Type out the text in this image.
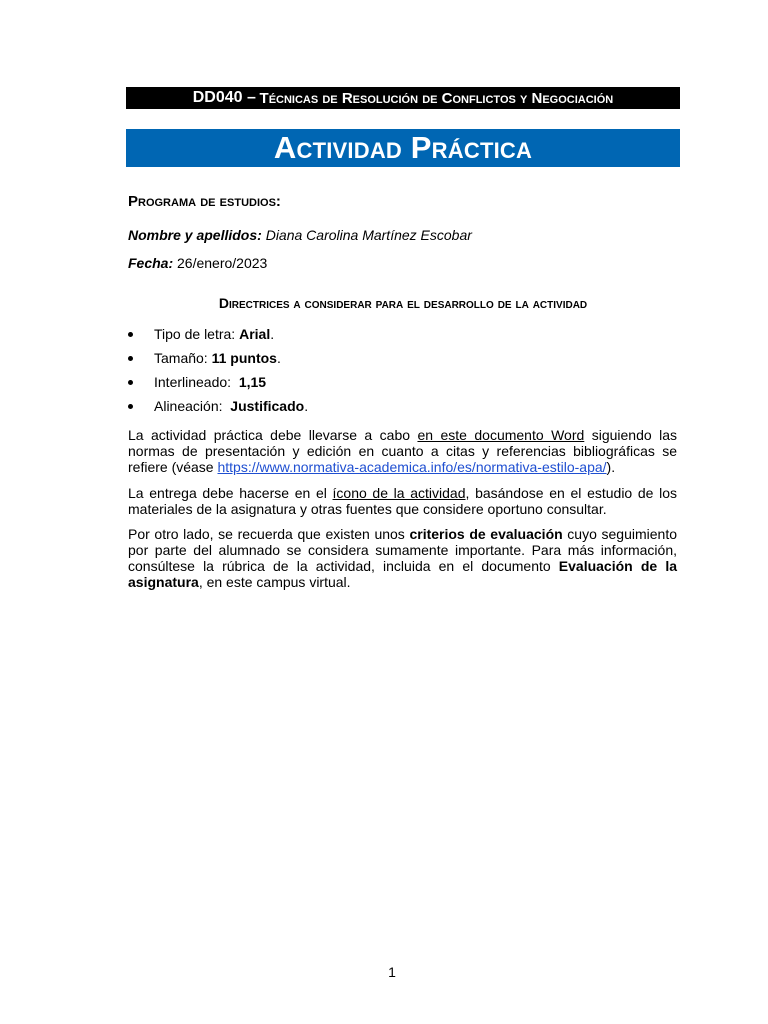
DD040 –
Técnicas de Resolución de Conflictos y Negociación
Actividad Práctica
Programa de estudios:
Nombre y apellidos: Diana Carolina Martínez Escobar
Fecha: 26/enero/2023
Directrices a considerar para el desarrollo de la actividad
Tipo de letra: Arial.
Tamaño: 11 puntos.
Interlineado:  1,15
Alineación:  Justificado.
La actividad práctica debe llevarse a cabo en este documento Word siguiendo las normas de presentación y edición en cuanto a citas y referencias bibliográficas se refiere (véase https://www.normativa-academica.info/es/normativa-estilo-apa/).
La entrega debe hacerse en el ícono de la actividad, basándose en el estudio de los materiales de la asignatura y otras fuentes que considere oportuno consultar.
Por otro lado, se recuerda que existen unos criterios de evaluación cuyo seguimiento por parte del alumnado se considera sumamente importante. Para más información, consúltese la rúbrica de la actividad, incluida en el documento Evaluación de la asignatura, en este campus virtual.
1
